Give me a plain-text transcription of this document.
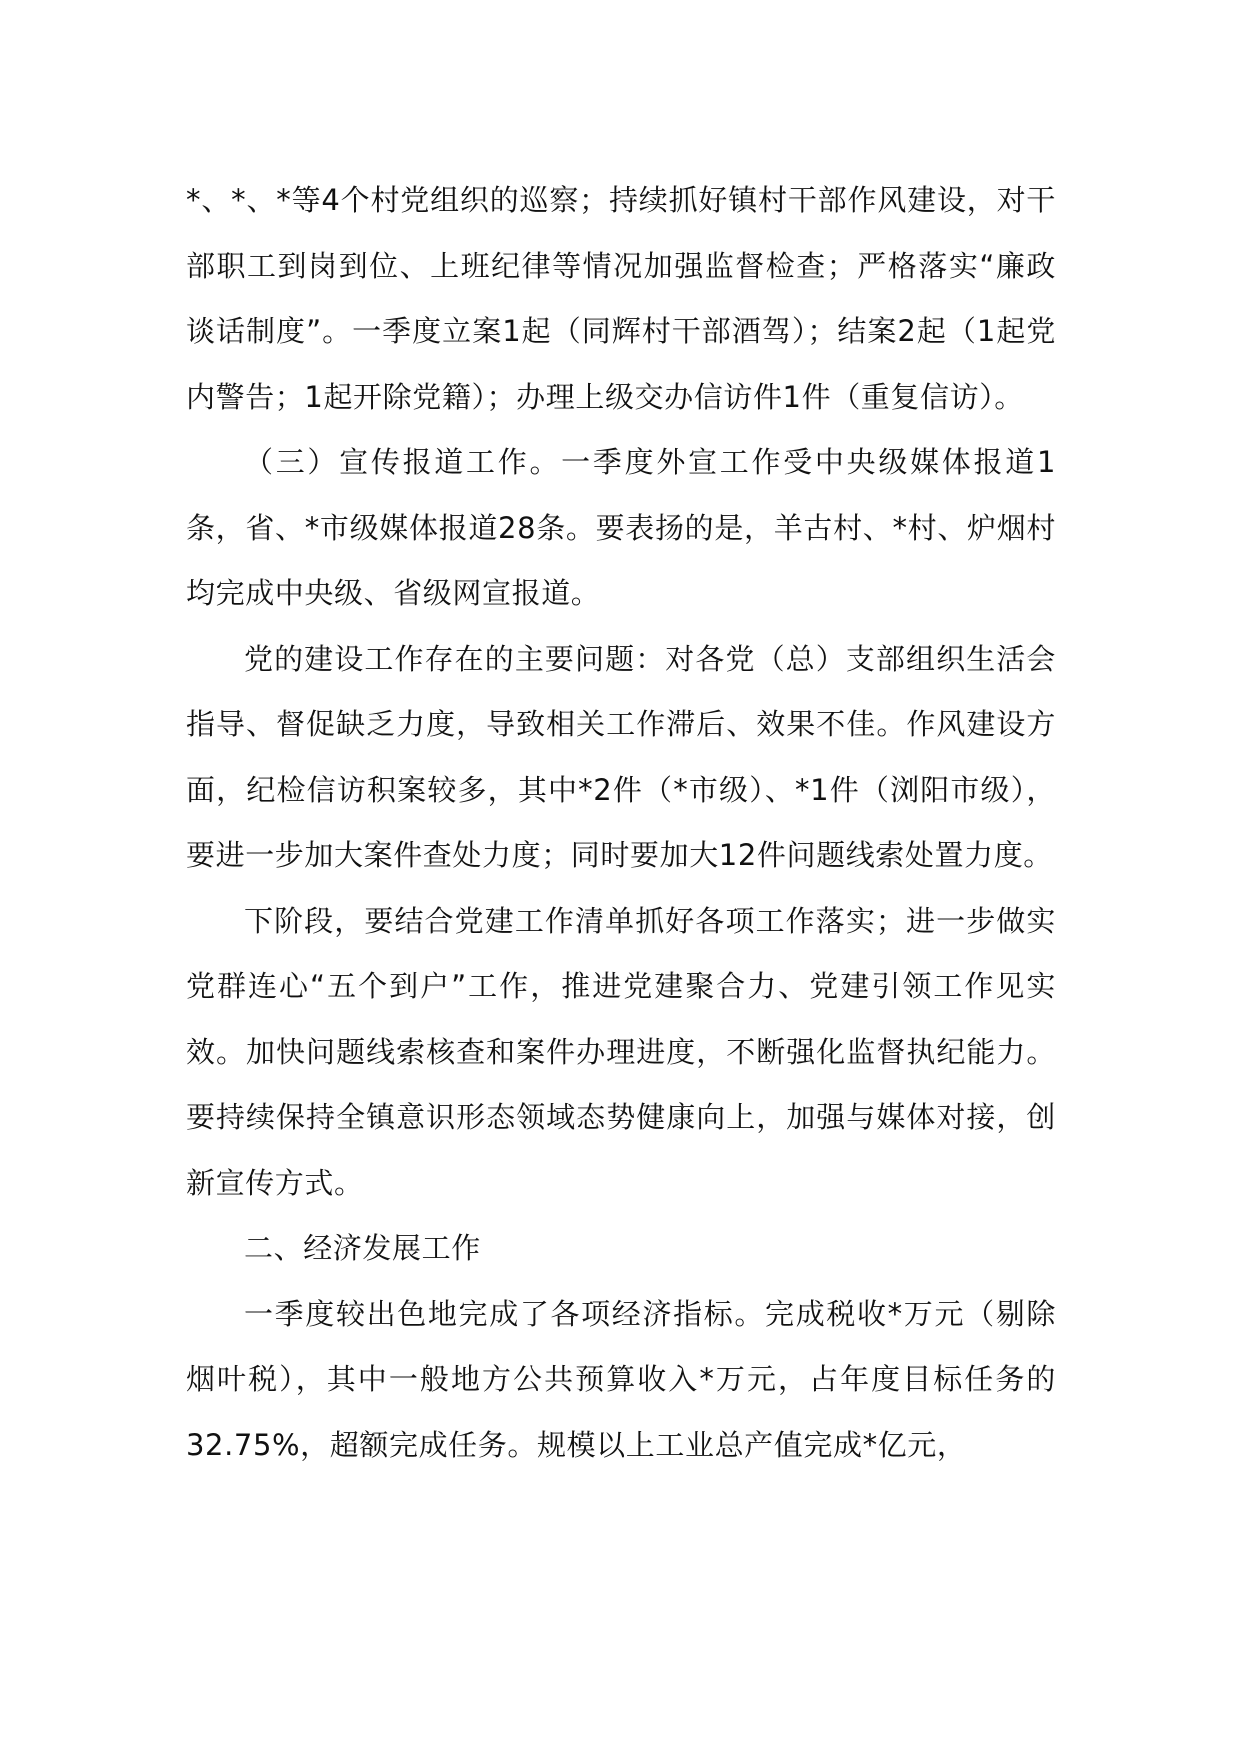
*、*、*等4个村党组织的巡察；持续抓好镇村干部作风建设，对干部职工到岗到位、上班纪律等情况加强监督检查；严格落实“廉政谈话制度”。一季度立案1起（同辉村干部酒驾）；结案2起（1起党内警告；1起开除党籍）；办理上级交办信访件1件（重复信访）。

（三）宣传报道工作。一季度外宣工作受中央级媒体报道1条，省、*市级媒体报道28条。要表扬的是，羊古村、*村、炉烟村均完成中央级、省级网宣报道。

党的建设工作存在的主要问题：对各党（总）支部组织生活会指导、督促缺乏力度，导致相关工作滞后、效果不佳。作风建设方面，纪检信访积案较多，其中*2件（*市级）、*1件（浏阳市级），要进一步加大案件查处力度；同时要加大12件问题线索处置力度。

下阶段，要结合党建工作清单抓好各项工作落实；进一步做实党群连心“五个到户”工作，推进党建聚合力、党建引领工作见实效。加快问题线索核查和案件办理进度，不断强化监督执纪能力。要持续保持全镇意识形态领域态势健康向上，加强与媒体对接，创新宣传方式。

二、经济发展工作

一季度较出色地完成了各项经济指标。完成税收*万元（剔除烟叶税），其中一般地方公共预算收入*万元，占年度目标任务的32.75%，超额完成任务。规模以上工业总产值完成*亿元，
